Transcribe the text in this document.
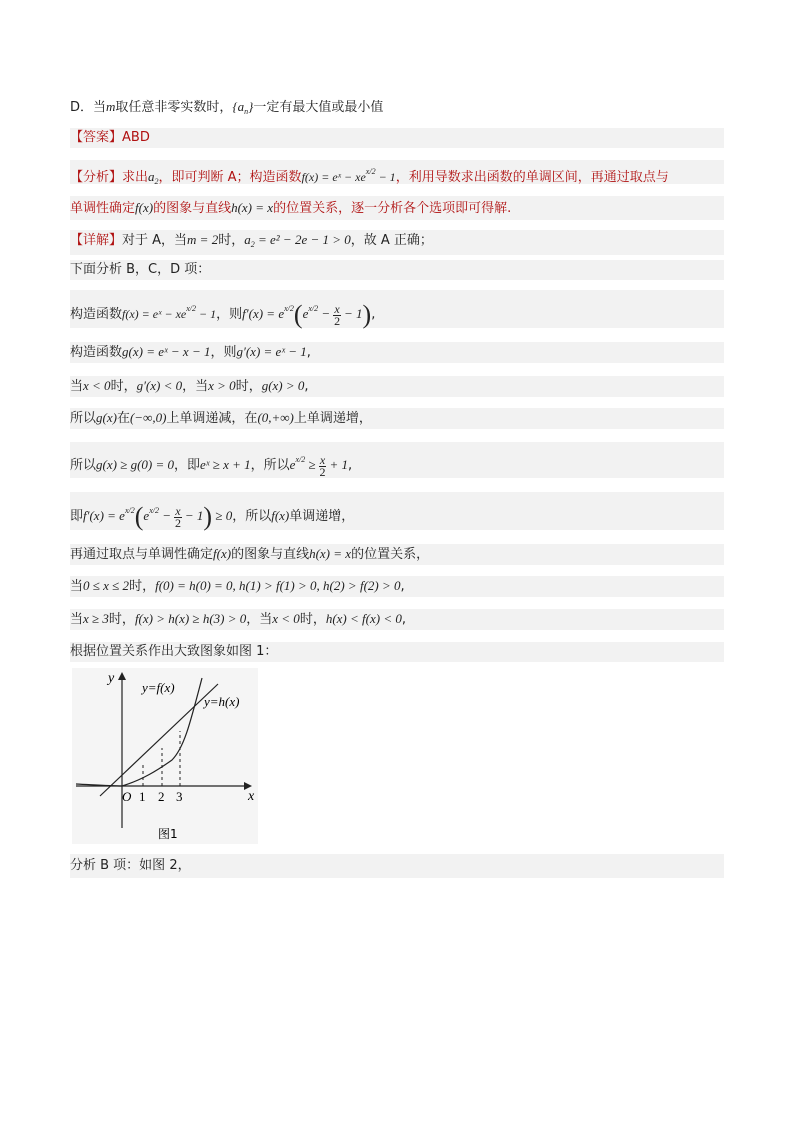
D．当m取任意非零实数时，$\{a_n\}$一定有最大值或最小值
【答案】ABD
【分析】求出$a_2$，即可判断 A；构造函数f(x) = eˣ − $xe^{x/2} - 1$，利用导数求出函数的单调区间，再通过取点与
单调性确定f(x)的图象与直线h(x) = x的位置关系，逐一分析各个选项即可得解.
【详解】对于 A，当m = 2时，$a_2 = e^2 - 2e - 1 > 0$，故 A 正确；
下面分析 B，C，D 项：
构造函数f(x) = eˣ − $xe^{x/2} - 1$，则$f'(x) = e^{x/2}(e^{x/2} - \frac{x}{2} - 1)$,
构造函数g(x) = eˣ − x − 1，则g′(x) = eˣ − 1,
当x < 0时，g′(x) < 0，当x > 0时，g(x) > 0,
所以g(x)在(−∞,0)上单调递减，在(0,+∞)上单调递增，
所以g(x) ≥ g(0) = 0，即eˣ ≥ x + 1，所以$e^{x/2} \ge \frac{x}{2} + 1$,
即$f'(x) = e^{x/2}(e^{x/2} - \frac{x}{2} - 1) \ge 0$，所以f(x)单调递增，
再通过取点与单调性确定f(x)的图象与直线h(x) = x的位置关系，
当0 ≤ x ≤ 2时，f(0) = h(0) = 0, h(1) > f(1) > 0, h(2) > f(2) > 0,
当x ≥ 3时，f(x) > h(x) ≥ h(3) > 0，当x < 0时，h(x) < f(x) < 0,
根据位置关系作出大致图象如图 1：
y
x
O 1 2 3
y=f(x)
y=h(x)
图1
分析 B 项：如图 2，
